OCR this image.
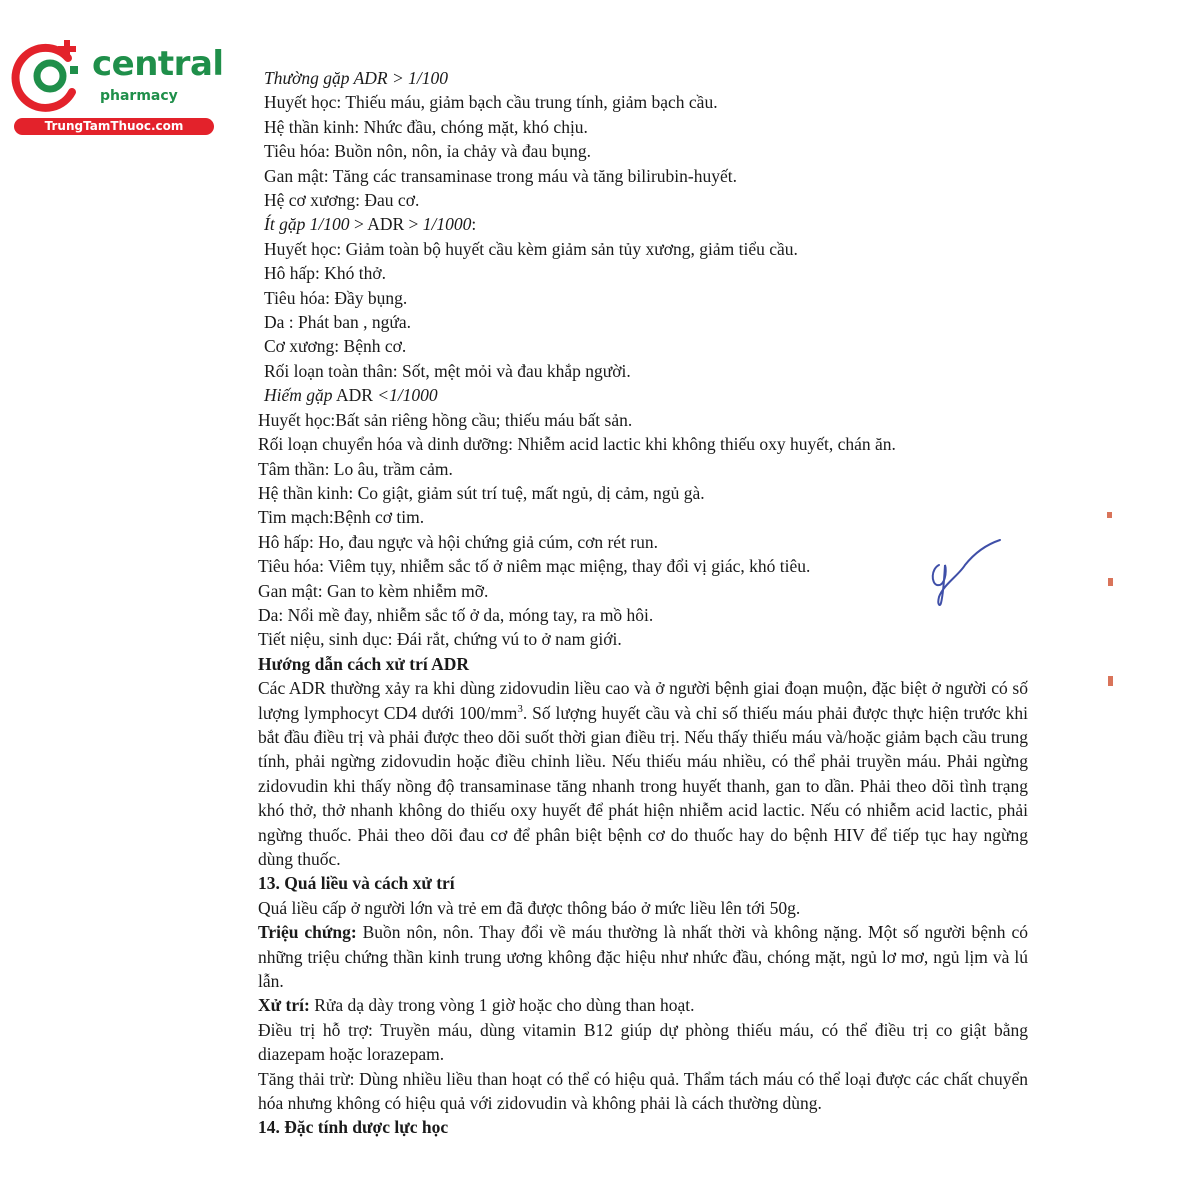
central
pharmacy
TrungTamThuoc.com
Thường gặp ADR > 1/100
Huyết học: Thiếu máu, giảm bạch cầu trung tính, giảm bạch cầu.
Hệ thần kinh: Nhức đầu, chóng mặt, khó chịu.
Tiêu hóa: Buồn nôn, nôn, ỉa chảy và đau bụng.
Gan mật: Tăng các transaminase trong máu và tăng bilirubin-huyết.
Hệ cơ xương: Đau cơ.
Ít gặp 1/100 > ADR > 1/1000:
Huyết học: Giảm toàn bộ huyết cầu kèm giảm sản tủy xương, giảm tiểu cầu.
Hô hấp: Khó thở.
Tiêu hóa: Đầy bụng.
Da : Phát ban , ngứa.
Cơ xương: Bệnh cơ.
Rối loạn toàn thân: Sốt, mệt mỏi và đau khắp người.
Hiếm gặp ADR <1/1000
Huyết học:Bất sản riêng hồng cầu; thiếu máu bất sản.
Rối loạn chuyển hóa và dinh dưỡng: Nhiễm acid lactic khi không thiếu oxy huyết, chán ăn.
Tâm thần: Lo âu, trầm cảm.
Hệ thần kinh: Co giật, giảm sút trí tuệ, mất ngủ, dị cảm, ngủ gà.
Tim mạch:Bệnh cơ tim.
Hô hấp: Ho, đau ngực và hội chứng giả cúm, cơn rét run.
Tiêu hóa: Viêm tụy, nhiễm sắc tố ở niêm mạc miệng, thay đổi vị giác, khó tiêu.
Gan mật: Gan to kèm nhiễm mỡ.
Da: Nổi mề đay, nhiễm sắc tố ở da, móng tay, ra mồ hôi.
Tiết niệu, sinh dục: Đái rắt, chứng vú to ở nam giới.
Hướng dẫn cách xử trí ADR
Các ADR thường xảy ra khi dùng zidovudin liều cao và ở người bệnh giai đoạn muộn, đặc biệt ở người có số lượng lymphocyt CD4 dưới $100/mm^3$. Số lượng huyết cầu và chỉ số thiếu máu phải được thực hiện trước khi bắt đầu điều trị và phải được theo dõi suốt thời gian điều trị. Nếu thấy thiếu máu và/hoặc giảm bạch cầu trung tính, phải ngừng zidovudin hoặc điều chỉnh liều. Nếu thiếu máu nhiều, có thể phải truyền máu. Phải ngừng zidovudin khi thấy nồng độ transaminase tăng nhanh trong huyết thanh, gan to dần. Phải theo dõi tình trạng khó thở, thở nhanh không do thiếu oxy huyết để phát hiện nhiễm acid lactic. Nếu có nhiễm acid lactic, phải ngừng thuốc. Phải theo dõi đau cơ để phân biệt bệnh cơ do thuốc hay do bệnh HIV để tiếp tục hay ngừng dùng thuốc.
13. Quá liều và cách xử trí
Quá liều cấp ở người lớn và trẻ em đã được thông báo ở mức liều lên tới 50g.
Triệu chứng: Buồn nôn, nôn. Thay đổi về máu thường là nhất thời và không nặng. Một số người bệnh có những triệu chứng thần kinh trung ương không đặc hiệu như nhức đầu, chóng mặt, ngủ lơ mơ, ngủ lịm và lú lẫn.
Xử trí: Rửa dạ dày trong vòng 1 giờ hoặc cho dùng than hoạt.
Điều trị hỗ trợ: Truyền máu, dùng vitamin B12 giúp dự phòng thiếu máu, có thể điều trị co giật bằng diazepam hoặc lorazepam.
Tăng thải trừ: Dùng nhiều liều than hoạt có thể có hiệu quả. Thẩm tách máu có thể loại được các chất chuyển hóa nhưng không có hiệu quả với zidovudin và không phải là cách thường dùng.
14. Đặc tính dược lực học
